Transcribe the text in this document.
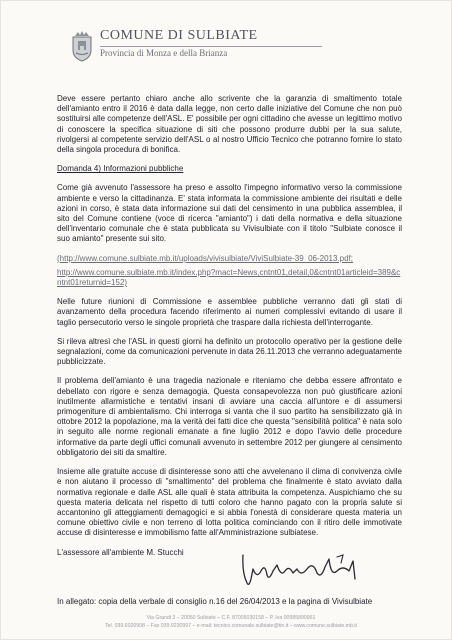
COMUNE DI SULBIATE
Provincia di Monza e della Brianza

Deve essere pertanto chiaro anche allo scrivente che la garanzia di smaltimento totale dell'amianto entro il 2016 è data dalla legge, non certo dalle iniziative del Comune che non può sostituirsi alle competenze dell'ASL. E' possibile per ogni cittadino che avesse un legittimo motivo di conoscere la specifica situazione di siti che possono produrre dubbi per la sua salute, rivolgersi al competente servizio dell'ASL o al nostro Ufficio Tecnico che potranno fornire lo stato della singola procedura di bonifica.

Domanda 4) Informazioni pubbliche

Come già avvenuto l'assessore ha preso e assolto l'impegno informativo verso la commissione ambiente e verso la cittadinanza. E' stata informata la commissione ambiente dei risultati e delle azioni in corso, è stata data informazione sui dati del censimento in una pubblica assemblea, il sito del Comune contiene (voce di ricerca "amianto") i dati della normativa e della situazione dell'inventario comunale che è stata pubblicata su Vivisulbiate con il titolo "Sulbiate conosce il suo amianto" presente sui sito.

(http://www.comune.sulbiate.mb.it/uploads/vivisulbiate/ViviSulbiate-39_06-2013.pdf;

http://www.comune.sulbiate.mb.it/index.php?mact=News,cntnt01,detail,0&cntnt01articleid=389&cntnt01returnid=152)

Nelle future riunioni di Commissione e assemblee pubbliche verranno dati gli stati di avanzamento della procedura facendo riferimento ai numeri complessivi evitando di usare il taglio persecutorio verso le singole proprietà che traspare dalla richiesta dell'interrogante.

Si rileva altresì che l'ASL in questi giorni ha definito un protocollo operativo per la gestione delle segnalazioni, come da comunicazioni pervenute in data 26.11.2013 che verranno adeguatamente pubblicizzate.

Il problema dell'amianto è una tragedia nazionale e riteniamo che debba essere affrontato e debellato con rigore e senza demagogia. Questa consapevolezza non può giustificare azioni inutilmente allarmistiche e tentativi insani di avviare una caccia all'untore e di assumersi primogeniture di ambientalismo. Chi interroga si vanta che il suo partito ha sensibilizzato già in ottobre 2012 la popolazione, ma la verità dei fatti dice che questa "sensibilità politica" è nata solo in seguito alle norme regionali emanate a fine luglio 2012 e dopo l'avvio delle procedure informative da parte degli uffici comunali avvenuto in settembre 2012 per giungere al censimento obbligatorio dei siti da smaltire.

Insieme alle gratuite accuse di disinteresse sono atti che avvelenano il clima di convivenza civile e non aiutano il processo di "smaltimento" del problema che finalmente è stato avviato dalla normativa regionale e dalle ASL alle quali è stata attribuita la competenza. Auspichiamo che su questa materia delicata nel rispetto di tutti coloro che hanno pagato con la propria salute si accantonino gli atteggiamenti demagogici e si abbia l'onestà di considerare questa materia un comune obiettivo civile e non terreno di lotta politica cominciando con il ritiro delle immotivate accuse di disinteresse e immobilismo fatte all'Amministrazione sulbiatese.

L'assessore all'ambiente M. Stucchi

In allegato: copia della verbale di consiglio n.16 del 26/04/2013 e la pagina di Vivisulbiate

Via Grandi 3 – 20050 Sulbiate – C.F. 87005030158 – P. Iva 00985890961
Tel. 039.6020908 – Fax 039.9230997 – e-mail: tecnico.comunale.sulbiate@tin.it – www.comune.sulbiate.mb.it
